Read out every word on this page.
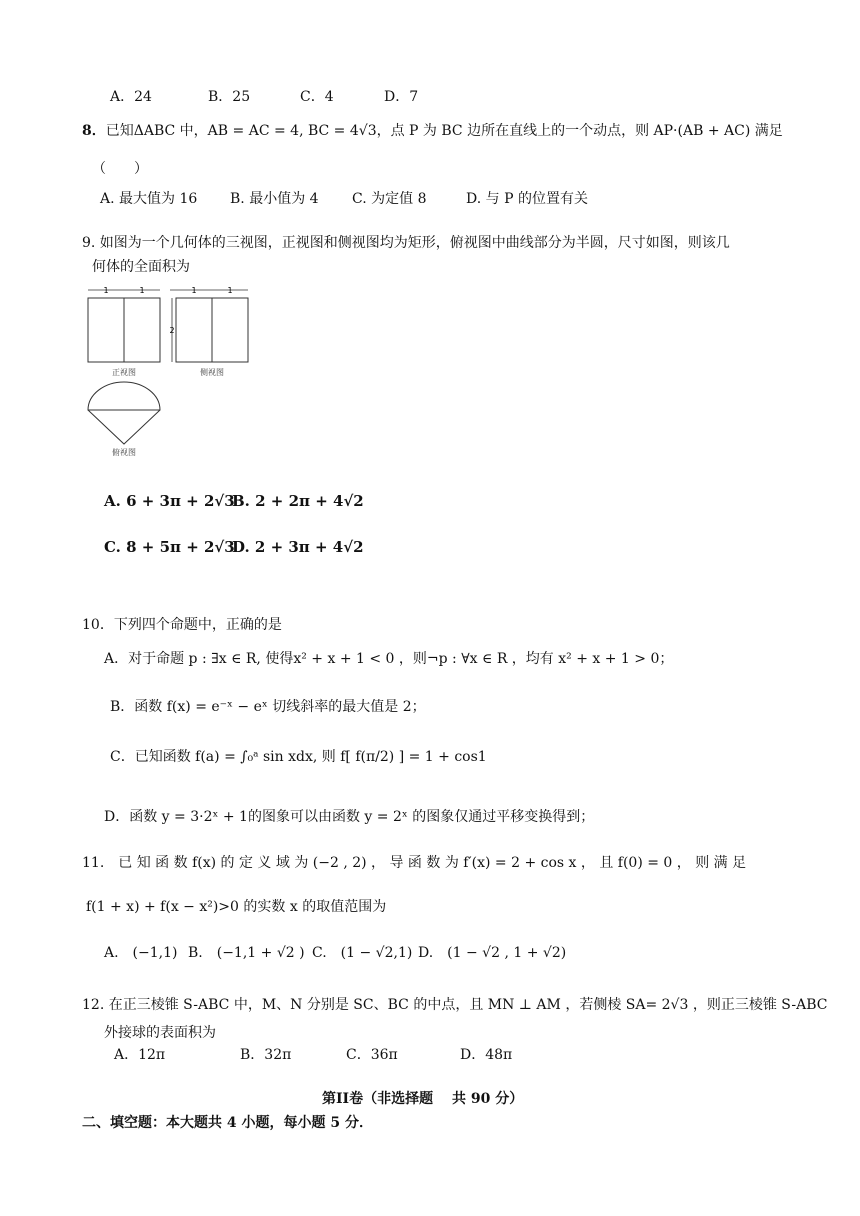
A．24	B．25	C．4	D．7
8．已知ΔABC 中，AB = AC = 4, BC = 4√3，点 P 为 BC 边所在直线上的一个动点，则 AP·(AB + AC) 满足
（　　）
A. 最大值为 16 B. 最小值为 4 C. 为定值 8	D. 与 P 的位置有关
9. 如图为一个几何体的三视图，正视图和侧视图均为矩形，俯视图中曲线部分为半圆，尺寸如图，则该几
何体的全面积为
1	1
正视图
1	1
2
侧视图
俯视图
A. 6 + 3π + 2√3
B. 2 + 2π + 4√2
C. 8 + 5π + 2√3
D. 2 + 3π + 4√2
10．下列四个命题中，正确的是
A．对于命题 p : ∃x ∈ R, 使得x² + x + 1 < 0 ，则¬p : ∀x ∈ R ，均有 x² + x + 1 > 0；
B．函数 f(x) = e⁻ˣ − eˣ 切线斜率的最大值是 2；
C．已知函数 f(a) = ∫₀ᵃ sin xdx, 则 f[ f(π/2) ] = 1 + cos1
D．函数 y = 3·2ˣ + 1的图象可以由函数 y = 2ˣ 的图象仅通过平移变换得到；
11.　已 知 函 数 f(x) 的 定 义 域 为 (−2 , 2) ， 导 函 数 为 f′(x) = 2 + cos x ， 且 f(0) = 0 ， 则 满 足
f(1 + x) + f(x − x²)>0 的实数 x 的取值范围为
A.　(−1,1) B.　(−1,1 + √2 ) C.　(1 − √2,1) D.　(1 − √2 , 1 + √2)
12. 在正三棱锥 S-ABC 中，M、N 分别是 SC、BC 的中点，且 MN ⊥ AM ，若侧棱 SA= 2√3 ，则正三棱锥 S-ABC
外接球的表面积为
A．12π	B．32π	C．36π	D．48π
第II卷（非选择题　 共 90 分）
二、填空题：本大题共 4 小题，每小题 5 分．
